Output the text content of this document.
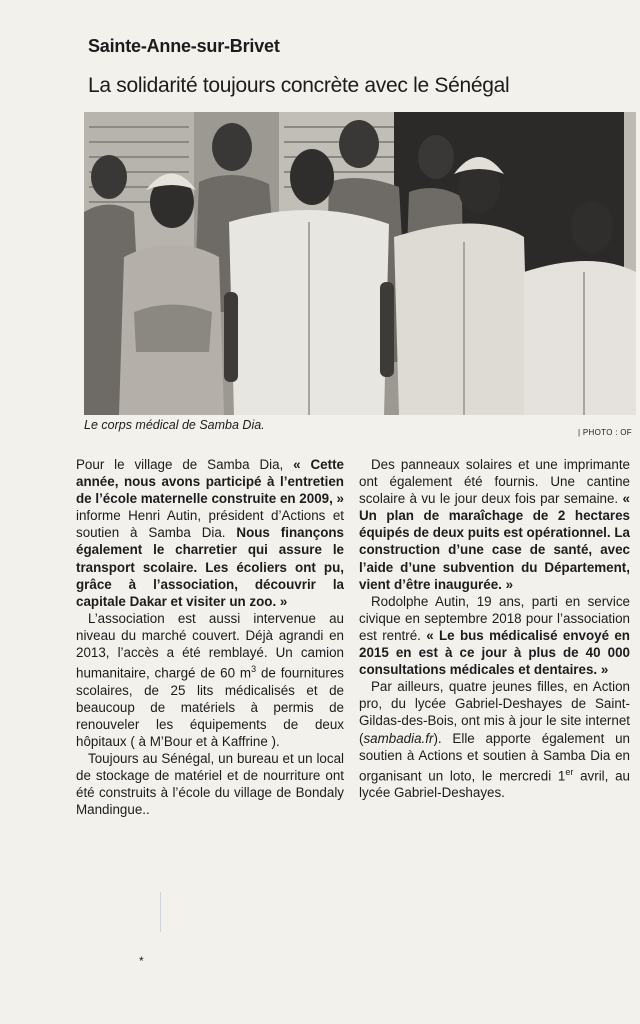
Sainte-Anne-sur-Brivet
La solidarité toujours concrète avec le Sénégal
Le corps médical de Samba Dia.
| PHOTO : OF

Pour le village de Samba Dia, « Cette année, nous avons participé à l’entretien de l’école maternelle construite en 2009, » informe Henri Autin, président d’Actions et soutien à Samba Dia. Nous finançons également le charretier qui assure le transport scolaire. Les écoliers ont pu, grâce à l’association, découvrir la capitale Dakar et visiter un zoo. »

L’association est aussi intervenue au niveau du marché couvert. Déjà agrandi en 2013, l’accès a été remblayé. Un camion humanitaire, chargé de 60 $m^3$ de fournitures scolaires, de 25 lits médicalisés et de beaucoup de matériels à permis de renouveler les équipements de deux hôpitaux ( à M’Bour et à Kaffrine ).

Toujours au Sénégal, un bureau et un local de stockage de matériel et de nourriture ont été construits à l’école du village de Bondaly Mandingue..

Des panneaux solaires et une imprimante ont également été fournis. Une cantine scolaire à vu le jour deux fois par semaine. « Un plan de maraîchage de 2 hectares équipés de deux puits est opérationnel. La construction d’une case de santé, avec l’aide d’une subvention du Département, vient d’être inaugurée. »

Rodolphe Autin, 19 ans, parti en service civique en septembre 2018 pour l’association est rentré. « Le bus médicalisé envoyé en 2015 en est à ce jour à plus de 40 000 consultations médicales et dentaires. »

Par ailleurs, quatre jeunes filles, en Action pro, du lycée Gabriel-Deshayes de Saint-Gildas-des-Bois, ont mis à jour le site internet (sambadia.fr). Elle apporte également un soutien à Actions et soutien à Samba Dia en organisant un loto, le mercredi 1er avril, au lycée Gabriel-Deshayes.

*
